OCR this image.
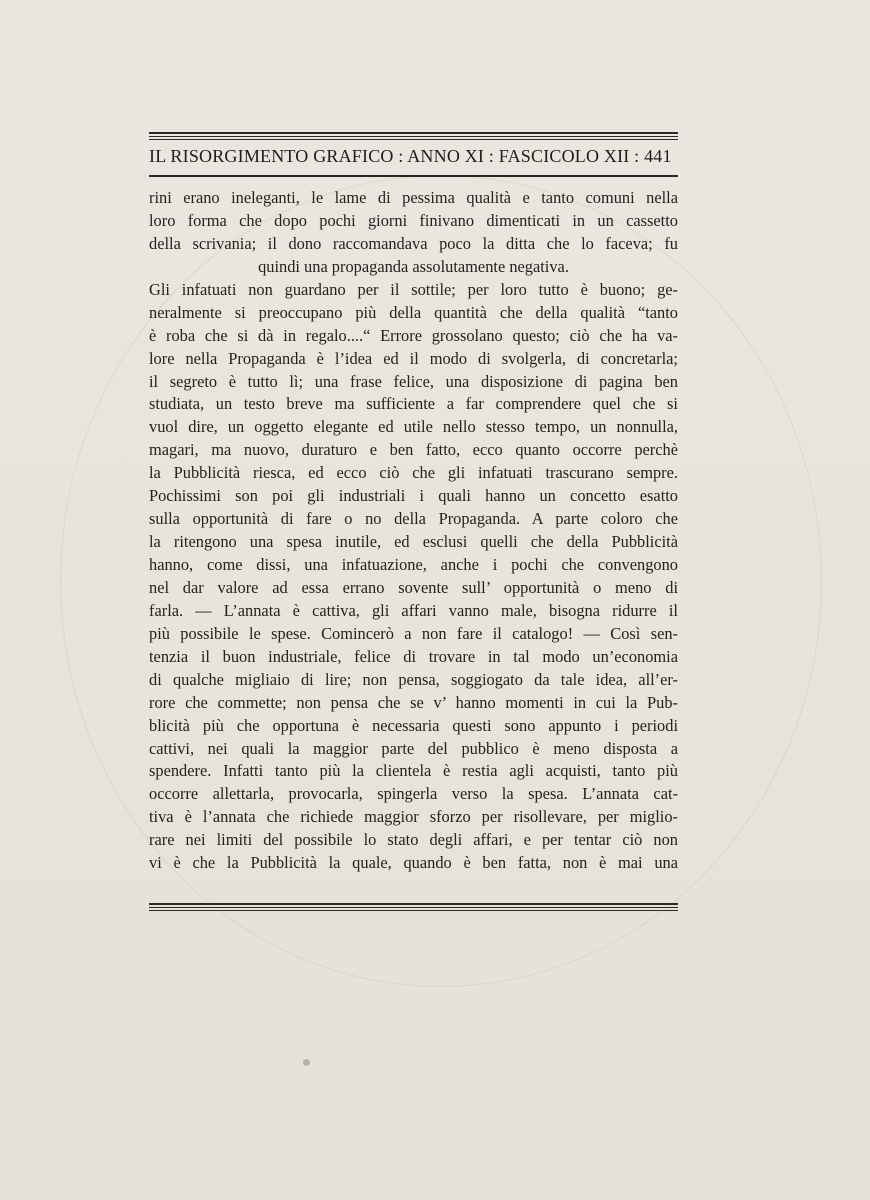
IL RISORGIMENTO GRAFICO : ANNO XI : FASCICOLO XII : 441
rini erano ineleganti, le lame di pessima qualità e tanto comuni nella
loro forma che dopo pochi giorni finivano dimenticati in un cassetto
della scrivania; il dono raccomandava poco la ditta che lo faceva; fu
quindi una propaganda assolutamente negativa.
Gli infatuati non guardano per il sottile; per loro tutto è buono; ge-
neralmente si preoccupano più della quantità che della qualità “tanto
è roba che si dà in regalo....“ Errore grossolano questo; ciò che ha va-
lore nella Propaganda è l’idea ed il modo di svolgerla, di concretarla;
il segreto è tutto lì; una frase felice, una disposizione di pagina ben
studiata, un testo breve ma sufficiente a far comprendere quel che si
vuol dire, un oggetto elegante ed utile nello stesso tempo, un nonnulla,
magari, ma nuovo, duraturo e ben fatto, ecco quanto occorre perchè
la Pubblicità riesca, ed ecco ciò che gli infatuati trascurano sempre.
Pochissimi son poi gli industriali i quali hanno un concetto esatto
sulla opportunità di fare o no della Propaganda. A parte coloro che
la ritengono una spesa inutile, ed esclusi quelli che della Pubblicità
hanno, come dissi, una infatuazione, anche i pochi che convengono
nel dar valore ad essa errano sovente sull’ opportunità o meno di
farla. — L’annata è cattiva, gli affari vanno male, bisogna ridurre il
più possibile le spese. Comincerò a non fare il catalogo! — Così sen-
tenzia il buon industriale, felice di trovare in tal modo un’economia
di qualche migliaio di lire; non pensa, soggiogato da tale idea, all’er-
rore che commette; non pensa che se v’ hanno momenti in cui la Pub-
blicità più che opportuna è necessaria questi sono appunto i periodi
cattivi, nei quali la maggior parte del pubblico è meno disposta a
spendere. Infatti tanto più la clientela è restia agli acquisti, tanto più
occorre allettarla, provocarla, spingerla verso la spesa. L’annata cat-
tiva è l’annata che richiede maggior sforzo per risollevare, per miglio-
rare nei limiti del possibile lo stato degli affari, e per tentar ciò non
vi è che la Pubblicità la quale, quando è ben fatta, non è mai una
